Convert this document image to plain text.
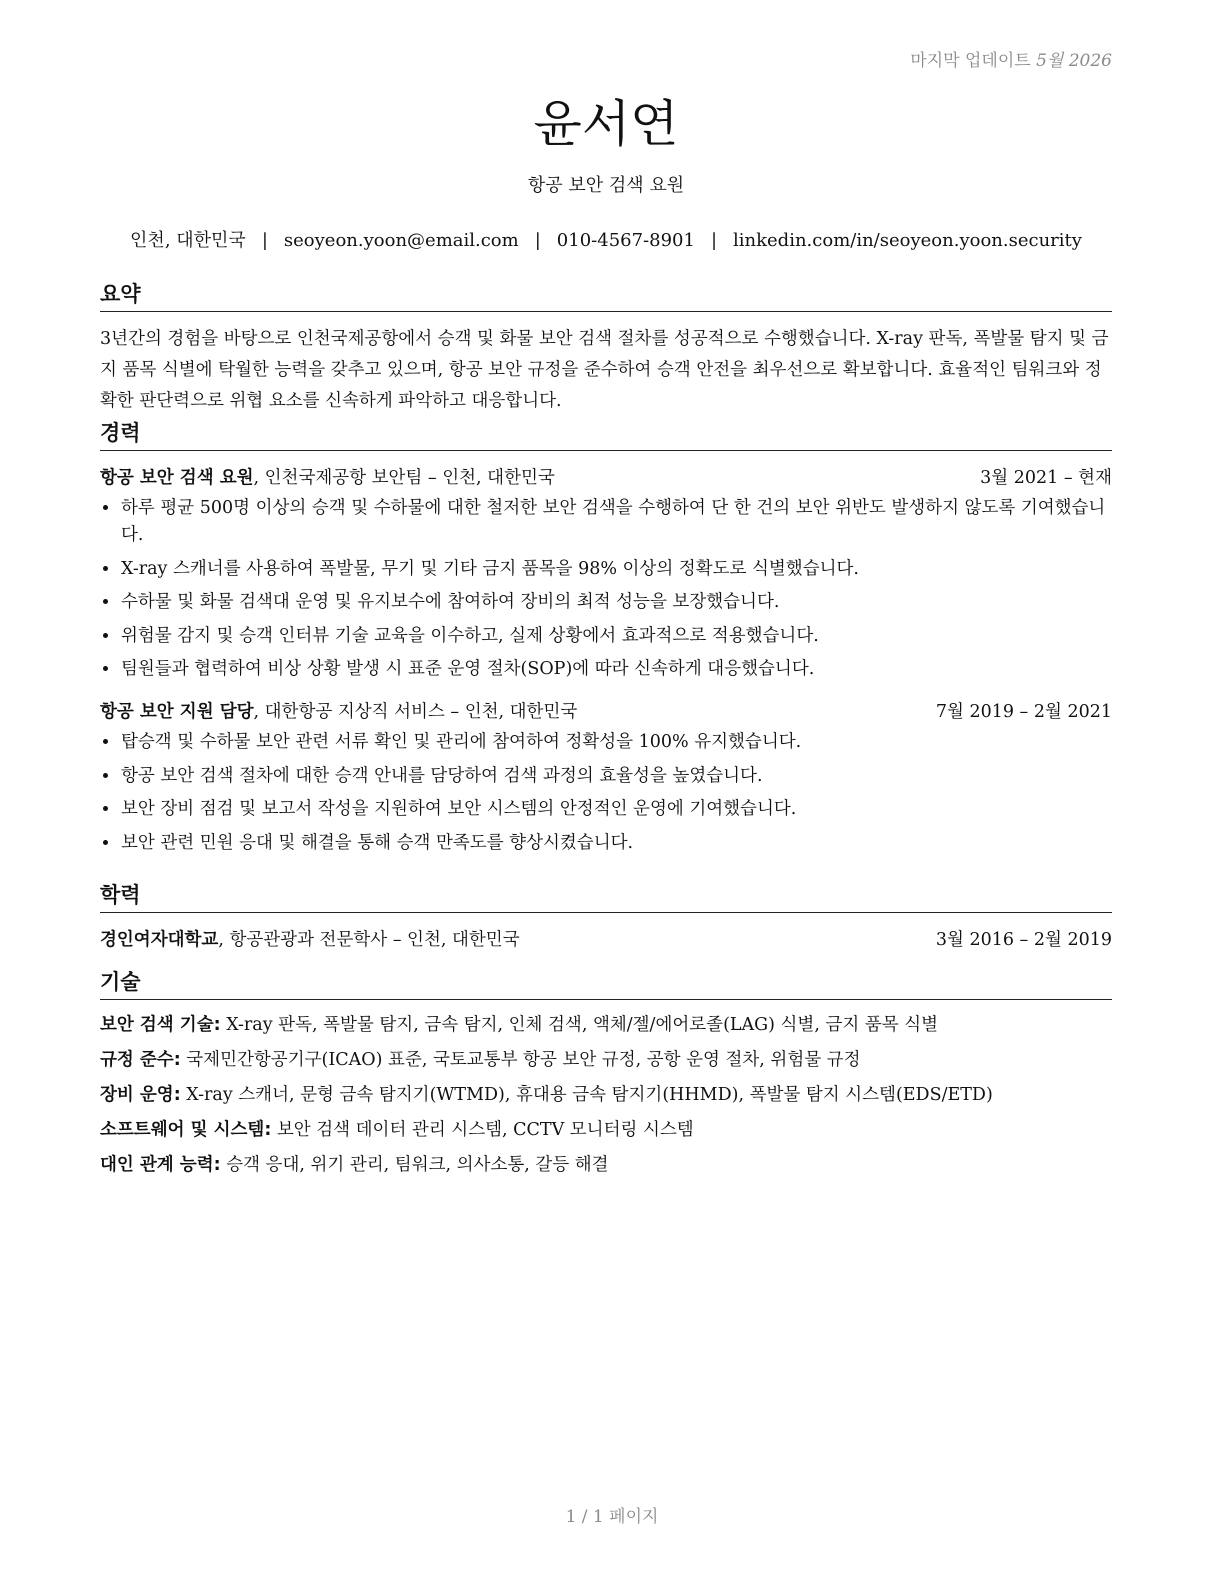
마지막 업데이트 5월 2026
윤서연
항공 보안 검색 요원
인천, 대한민국 | seoyeon.yoon@email.com | 010-4567-8901 | linkedin.com/in/seoyeon.yoon.security
요약
3년간의 경험을 바탕으로 인천국제공항에서 승객 및 화물 보안 검색 절차를 성공적으로 수행했습니다. X-ray 판독, 폭발물 탐지 및 금지 품목 식별에 탁월한 능력을 갖추고 있으며, 항공 보안 규정을 준수하여 승객 안전을 최우선으로 확보합니다. 효율적인 팀워크와 정확한 판단력으로 위협 요소를 신속하게 파악하고 대응합니다.
경력
항공 보안 검색 요원, 인천국제공항 보안팀 – 인천, 대한민국	3월 2021 – 현재
• 하루 평균 500명 이상의 승객 및 수하물에 대한 철저한 보안 검색을 수행하여 단 한 건의 보안 위반도 발생하지 않도록 기여했습니다.
• X-ray 스캐너를 사용하여 폭발물, 무기 및 기타 금지 품목을 98% 이상의 정확도로 식별했습니다.
• 수하물 및 화물 검색대 운영 및 유지보수에 참여하여 장비의 최적 성능을 보장했습니다.
• 위험물 감지 및 승객 인터뷰 기술 교육을 이수하고, 실제 상황에서 효과적으로 적용했습니다.
• 팀원들과 협력하여 비상 상황 발생 시 표준 운영 절차(SOP)에 따라 신속하게 대응했습니다.
항공 보안 지원 담당, 대한항공 지상직 서비스 – 인천, 대한민국	7월 2019 – 2월 2021
• 탑승객 및 수하물 보안 관련 서류 확인 및 관리에 참여하여 정확성을 100% 유지했습니다.
• 항공 보안 검색 절차에 대한 승객 안내를 담당하여 검색 과정의 효율성을 높였습니다.
• 보안 장비 점검 및 보고서 작성을 지원하여 보안 시스템의 안정적인 운영에 기여했습니다.
• 보안 관련 민원 응대 및 해결을 통해 승객 만족도를 향상시켰습니다.
학력
경인여자대학교, 항공관광과 전문학사 – 인천, 대한민국	3월 2016 – 2월 2019
기술
보안 검색 기술: X-ray 판독, 폭발물 탐지, 금속 탐지, 인체 검색, 액체/젤/에어로졸(LAG) 식별, 금지 품목 식별
규정 준수: 국제민간항공기구(ICAO) 표준, 국토교통부 항공 보안 규정, 공항 운영 절차, 위험물 규정
장비 운영: X-ray 스캐너, 문형 금속 탐지기(WTMD), 휴대용 금속 탐지기(HHMD), 폭발물 탐지 시스템(EDS/ETD)
소프트웨어 및 시스템: 보안 검색 데이터 관리 시스템, CCTV 모니터링 시스템
대인 관계 능력: 승객 응대, 위기 관리, 팀워크, 의사소통, 갈등 해결
1 / 1 페이지
